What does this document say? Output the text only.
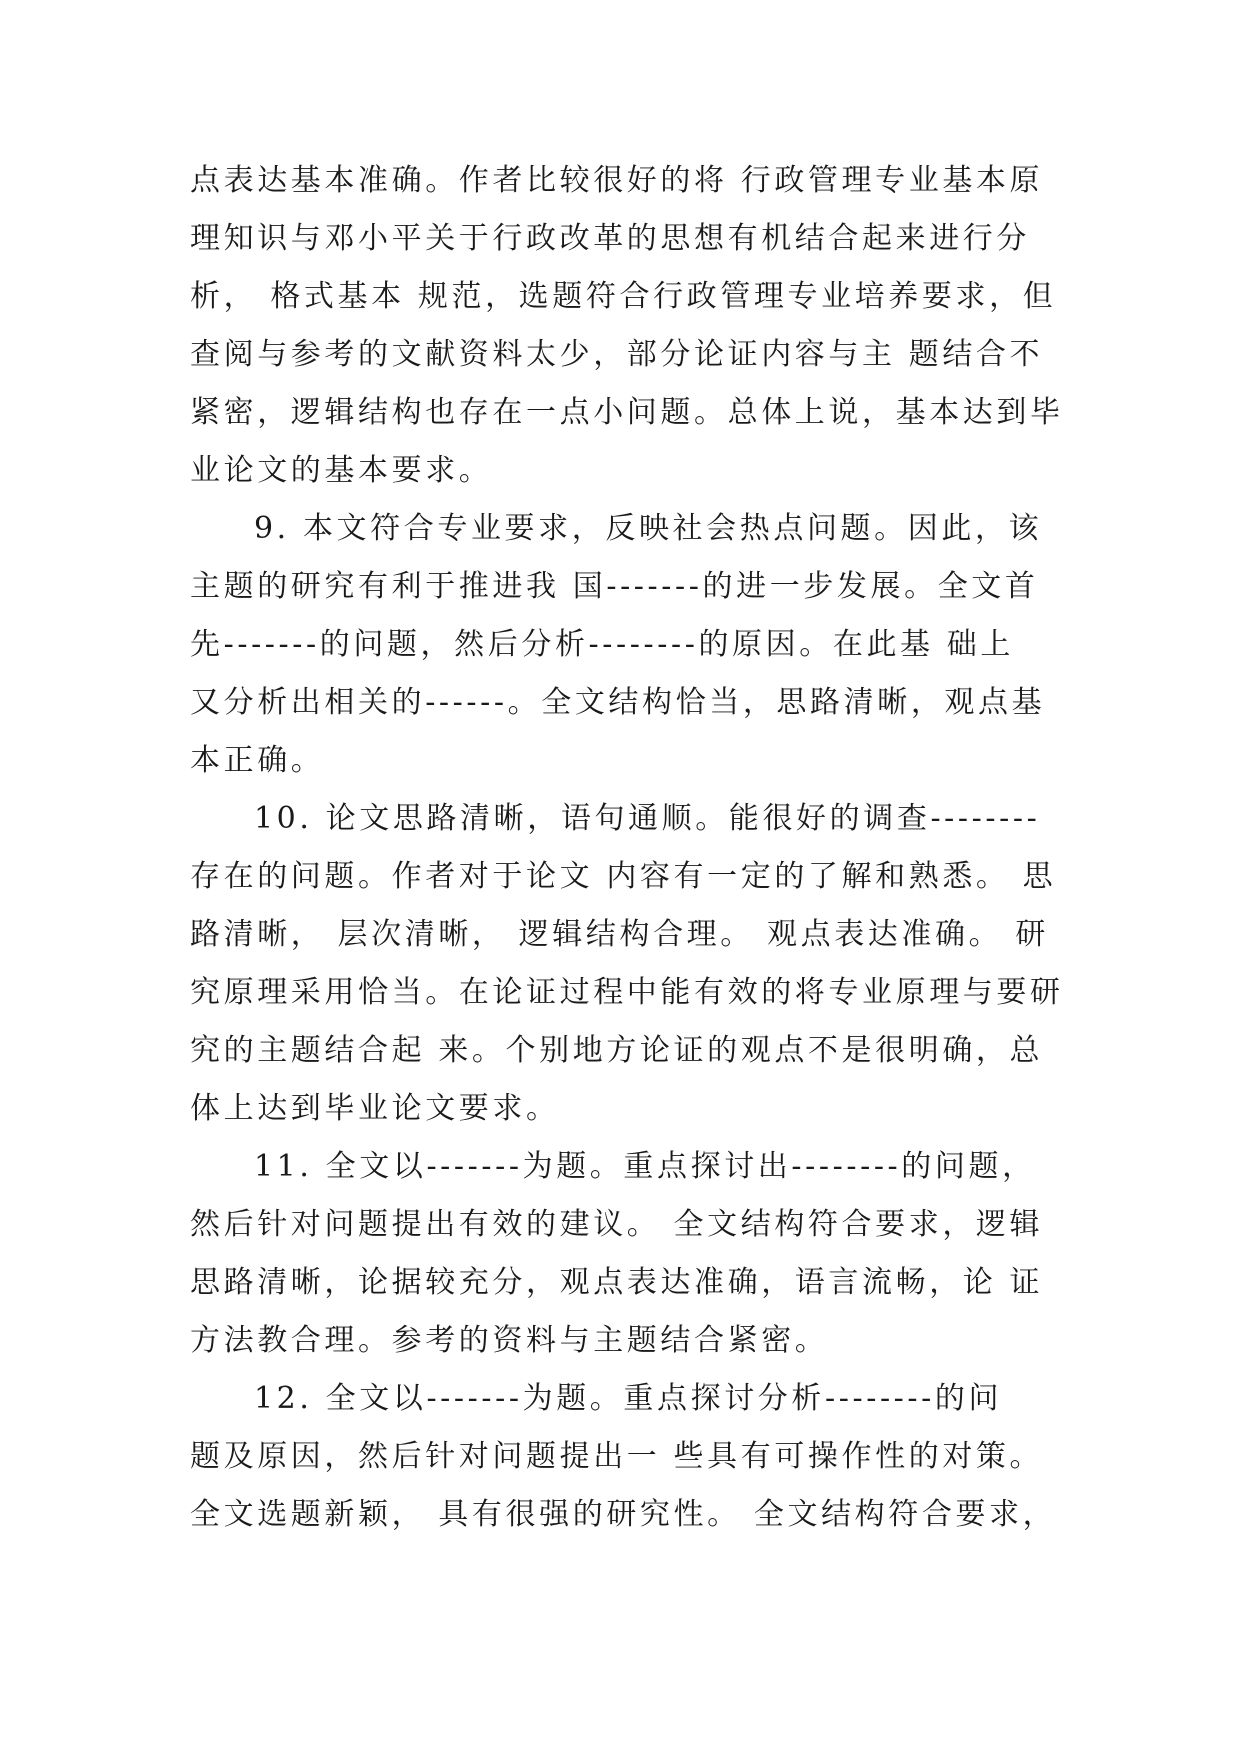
点表达基本准确。作者比较很好的将 行政管理专业基本原
理知识与邓小平关于行政改革的思想有机结合起来进行分
析， 格式基本 规范，选题符合行政管理专业培养要求，但
查阅与参考的文献资料太少，部分论证内容与主 题结合不
紧密，逻辑结构也存在一点小问题。总体上说，基本达到毕
业论文的基本要求。
9. 本文符合专业要求，反映社会热点问题。因此，该
主题的研究有利于推进我 国-------的进一步发展。全文首
先-------的问题，然后分析--------的原因。在此基 础上
又分析出相关的------。全文结构恰当，思路清晰，观点基
本正确。
10. 论文思路清晰，语句通顺。能很好的调查--------
存在的问题。作者对于论文 内容有一定的了解和熟悉。 思
路清晰， 层次清晰， 逻辑结构合理。 观点表达准确。 研
究原理采用恰当。在论证过程中能有效的将专业原理与要研
究的主题结合起 来。个别地方论证的观点不是很明确，总
体上达到毕业论文要求。
11. 全文以-------为题。重点探讨出--------的问题，
然后针对问题提出有效的建议。 全文结构符合要求，逻辑
思路清晰，论据较充分，观点表达准确，语言流畅，论 证
方法教合理。参考的资料与主题结合紧密。
12. 全文以-------为题。重点探讨分析--------的问
题及原因，然后针对问题提出一 些具有可操作性的对策。
全文选题新颖， 具有很强的研究性。 全文结构符合要求，
